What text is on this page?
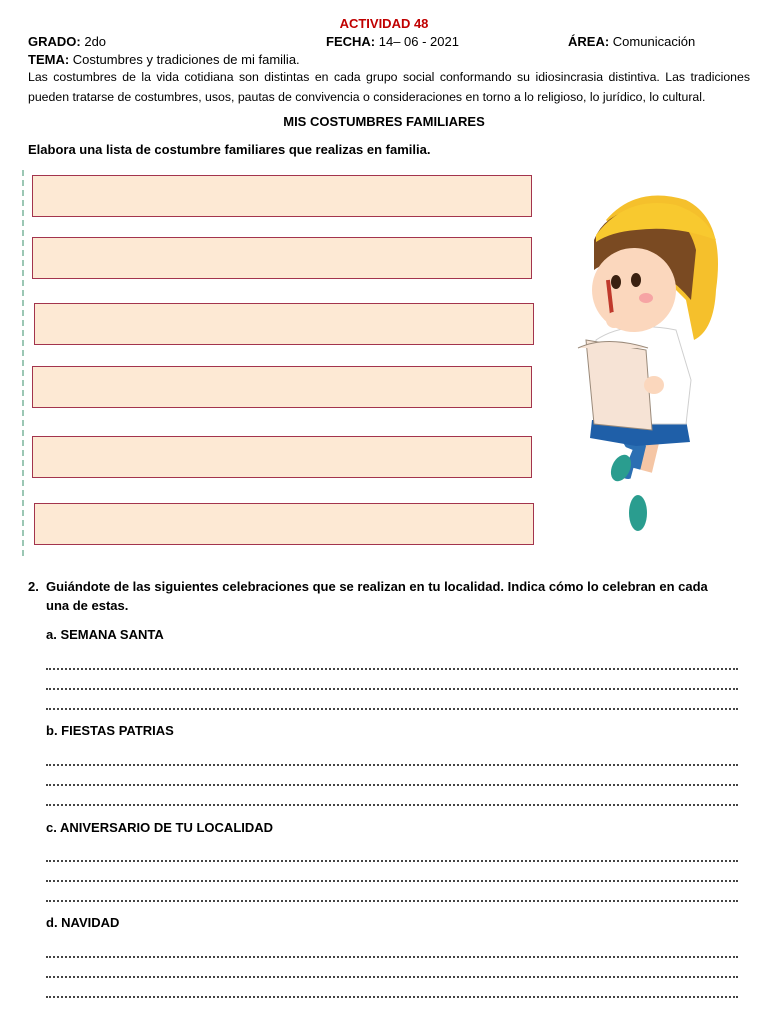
ACTIVIDAD 48
GRADO: 2do	FECHA: 14– 06 - 2021	ÁREA: Comunicación
TEMA: Costumbres y tradiciones de mi familia.
Las costumbres de la vida cotidiana son distintas en cada grupo social conformando su idiosincrasia distintiva. Las tradiciones pueden tratarse de costumbres, usos, pautas de convivencia o consideraciones en torno a lo religioso, lo jurídico, lo cultural.
MIS COSTUMBRES FAMILIARES
Elabora una lista de costumbre familiares que realizas en familia.
2. Guiándote de las siguientes celebraciones que se realizan en tu localidad. Indica cómo lo celebran en cada
una de estas.
a. SEMANA SANTA
b. FIESTAS PATRIAS
c. ANIVERSARIO DE TU LOCALIDAD
d. NAVIDAD
